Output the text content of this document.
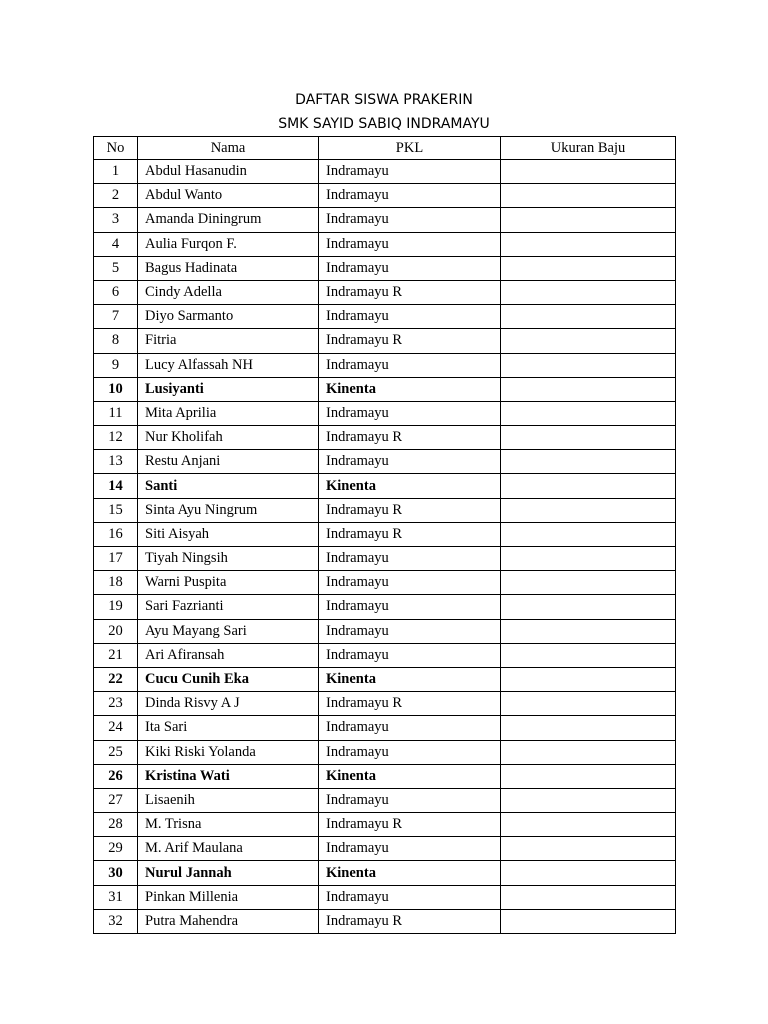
DAFTAR SISWA PRAKERIN
SMK SAYID SABIQ INDRAMAYU
No	Nama	PKL	Ukuran Baju
1	Abdul Hasanudin	Indramayu	
2	Abdul Wanto	Indramayu	
3	Amanda Diningrum	Indramayu	
4	Aulia Furqon F.	Indramayu	
5	Bagus Hadinata	Indramayu	
6	Cindy Adella	Indramayu R	
7	Diyo Sarmanto	Indramayu	
8	Fitria	Indramayu R	
9	Lucy Alfassah NH	Indramayu	
10	Lusiyanti	Kinenta	
11	Mita Aprilia	Indramayu	
12	Nur Kholifah	Indramayu R	
13	Restu Anjani	Indramayu	
14	Santi	Kinenta	
15	Sinta Ayu Ningrum	Indramayu R	
16	Siti Aisyah	Indramayu R	
17	Tiyah Ningsih	Indramayu	
18	Warni Puspita	Indramayu	
19	Sari Fazrianti	Indramayu	
20	Ayu Mayang Sari	Indramayu	
21	Ari Afiransah	Indramayu	
22	Cucu Cunih Eka	Kinenta	
23	Dinda Risvy A J	Indramayu R	
24	Ita Sari	Indramayu	
25	Kiki Riski Yolanda	Indramayu	
26	Kristina Wati	Kinenta	
27	Lisaenih	Indramayu	
28	M. Trisna	Indramayu R	
29	M. Arif Maulana	Indramayu	
30	Nurul Jannah	Kinenta	
31	Pinkan Millenia	Indramayu	
32	Putra Mahendra	Indramayu R	
